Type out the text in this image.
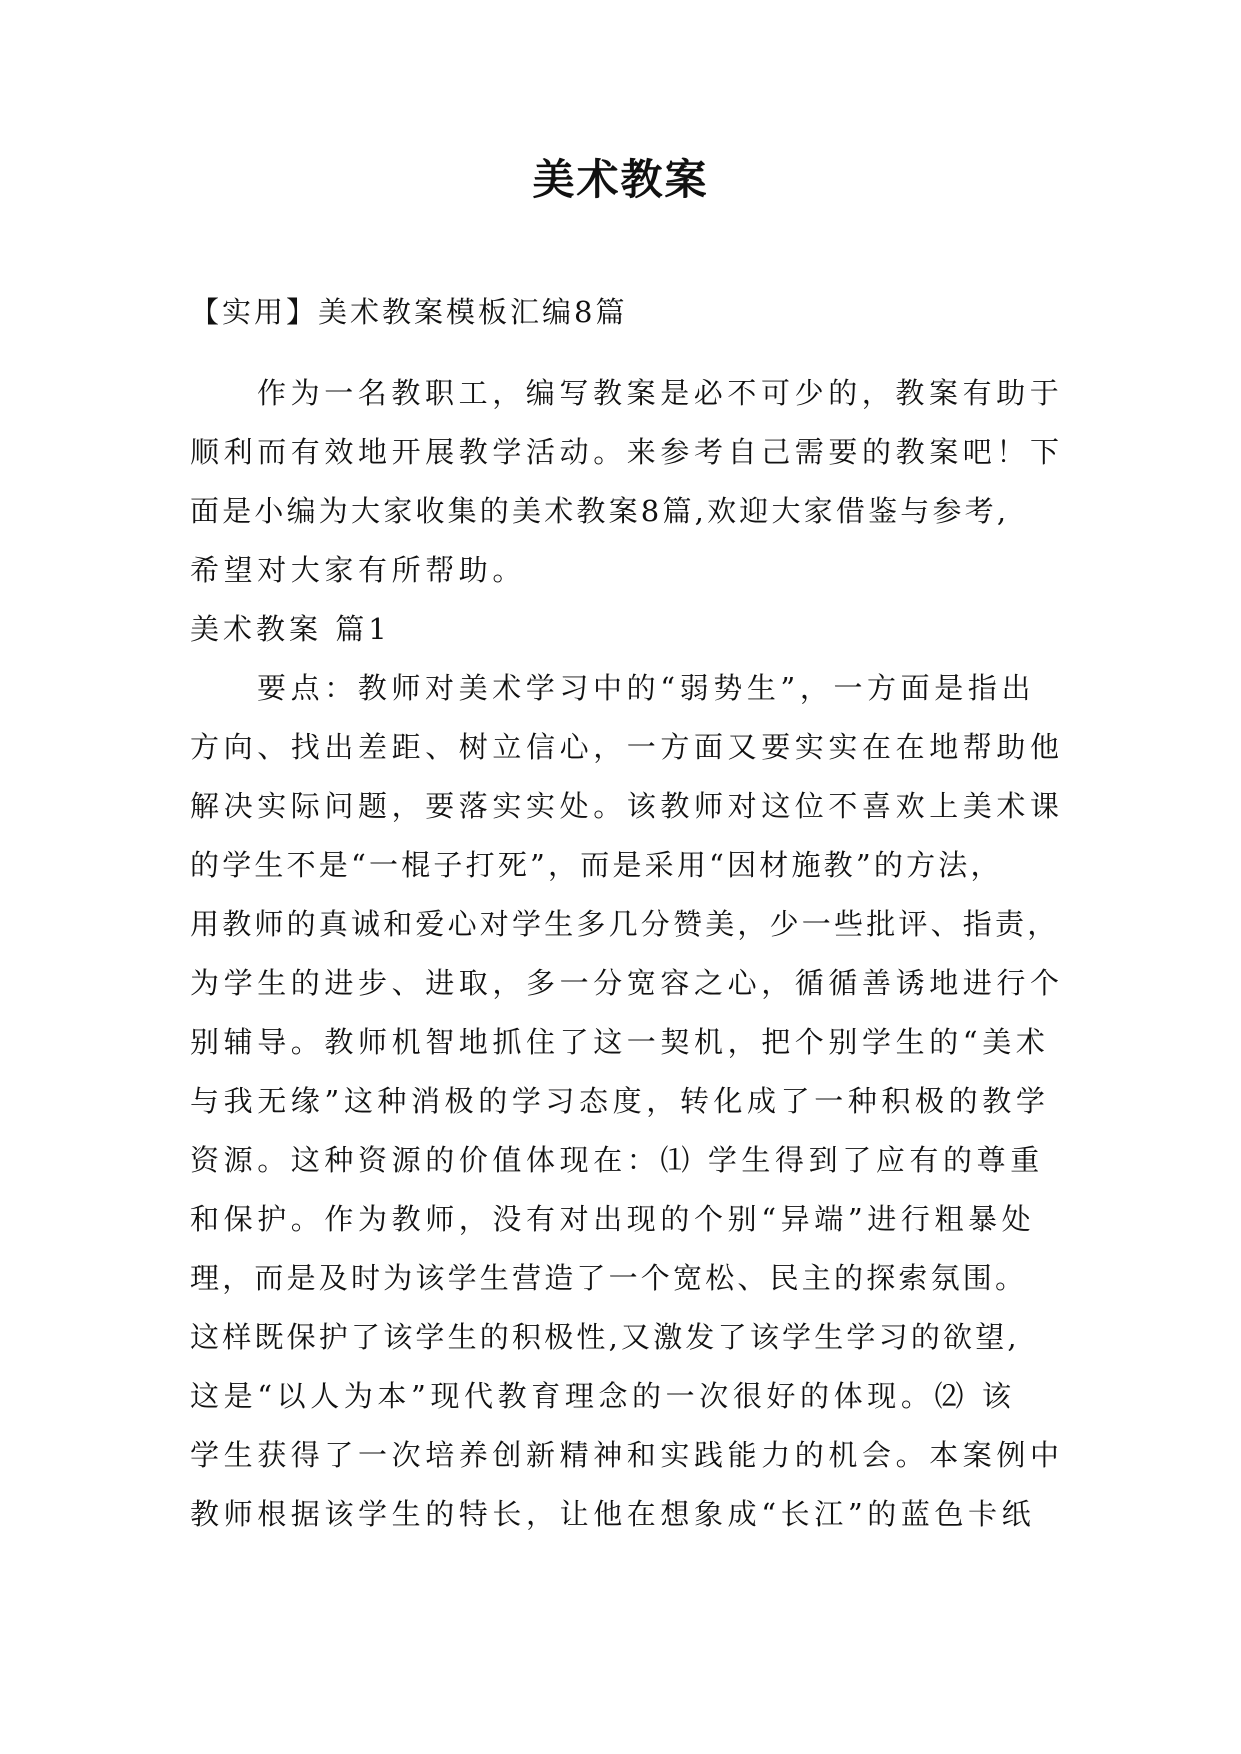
美术教案

【实用】美术教案模板汇编8篇

作为一名教职工，编写教案是必不可少的，教案有助于
顺利而有效地开展教学活动。来参考自己需要的教案吧！下
面是小编为大家收集的美术教案8篇,欢迎大家借鉴与参考,
希望对大家有所帮助。
美术教案 篇1
要点：教师对美术学习中的“弱势生”，一方面是指出
方向、找出差距、树立信心，一方面又要实实在在地帮助他
解决实际问题，要落实实处。该教师对这位不喜欢上美术课
的学生不是“一棍子打死”，而是采用“因材施教”的方法，
用教师的真诚和爱心对学生多几分赞美，少一些批评、指责，
为学生的进步、进取，多一分宽容之心，循循善诱地进行个
别辅导。教师机智地抓住了这一契机，把个别学生的“美术
与我无缘”这种消极的学习态度，转化成了一种积极的教学
资源。这种资源的价值体现在：⑴ 学生得到了应有的尊重
和保护。作为教师，没有对出现的个别“异端”进行粗暴处
理，而是及时为该学生营造了一个宽松、民主的探索氛围。
这样既保护了该学生的积极性,又激发了该学生学习的欲望,
这是“以人为本”现代教育理念的一次很好的体现。⑵ 该
学生获得了一次培养创新精神和实践能力的机会。本案例中
教师根据该学生的特长，让他在想象成“长江”的蓝色卡纸
